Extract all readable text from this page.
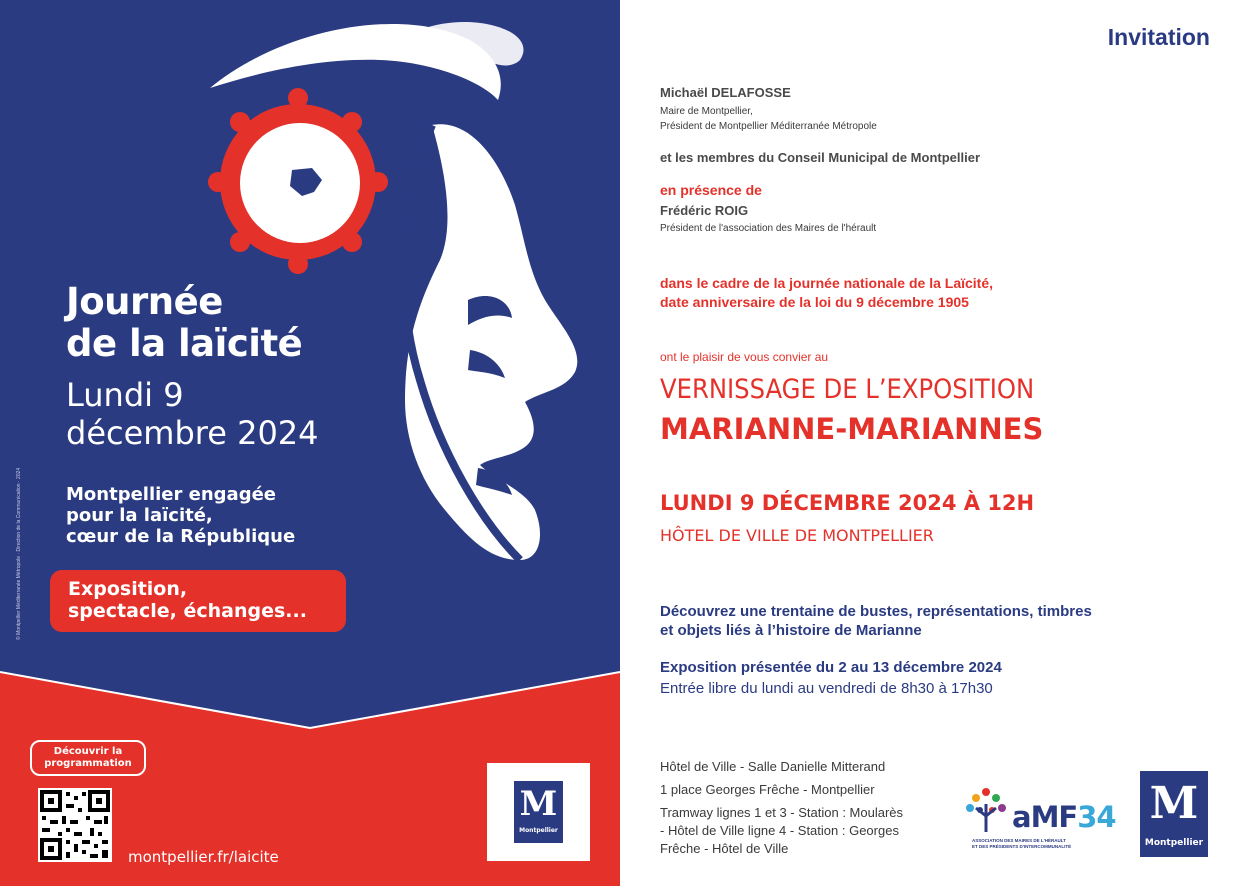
Journée
de la laïcité
Lundi 9
décembre 2024
Montpellier engagée
pour la laïcité,
cœur de la République
Exposition,
spectacle, échanges...
© Montpellier Méditerranée Métropole · Direction de la Communication · 2024
Découvrir la
programmation
montpellier.fr/laicite
M
Montpellier
Invitation
Michaël DELAFOSSE
Maire de Montpellier,
Président de Montpellier Méditerranée Métropole
et les membres du Conseil Municipal de Montpellier
en présence de
Frédéric ROIG
Président de l'association des Maires de l'hérault
dans le cadre de la journée nationale de la Laïcité,
date anniversaire de la loi du 9 décembre 1905
ont le plaisir de vous convier au
VERNISSAGE DE L’EXPOSITION
MARIANNE-MARIANNES
LUNDI 9 DÉCEMBRE 2024 À 12H
HÔTEL DE VILLE DE MONTPELLIER
Découvrez une trentaine de bustes, représentations, timbres
et objets liés à l’histoire de Marianne
Exposition présentée du 2 au 13 décembre 2024
Entrée libre du lundi au vendredi de 8h30 à 17h30
Hôtel de Ville - Salle Danielle Mitterand
1 place Georges Frêche - Montpellier
Tramway lignes 1 et 3 - Station : Moularès
- Hôtel de Ville ligne 4 - Station : Georges
Frêche - Hôtel de Ville
aMF34
ASSOCIATION DES MAIRES DE L'HÉRAULT
ET DES PRÉSIDENTS D'INTERCOMMUNALITÉ
M
Montpellier
